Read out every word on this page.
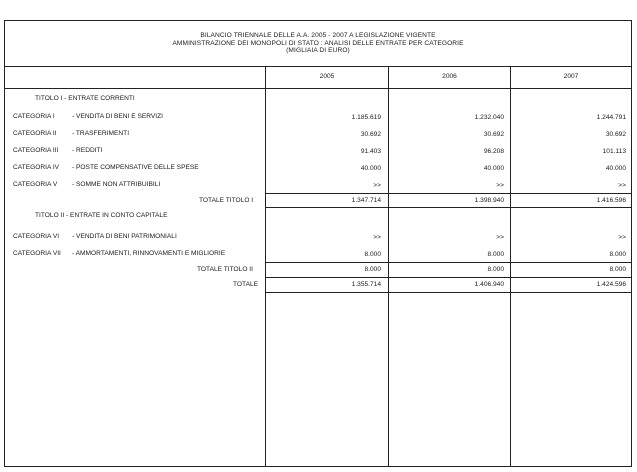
BILANCIO TRIENNALE DELLE A.A. 2005 - 2007 A LEGISLAZIONE VIGENTE
AMMINISTRAZIONE DEI MONOPOLI DI STATO : ANALISI DELLE ENTRATE PER CATEGORIE
(MIGLIAIA DI EURO)
2005	2006	2007
TITOLO I - ENTRATE CORRENTI
CATEGORIA I	- VENDITA DI BENI E SERVIZI	1.185.619	1.232.040	1.244.791
CATEGORIA II - TRASFERIMENTI	30.692	30.692	30.692
CATEGORIA III - REDDITI	91.403	96.208	101.113
CATEGORIA IV - POSTE COMPENSATIVE DELLE SPESE	40.000	40.000	40.000
CATEGORIA V - SOMME NON ATTRIBUIBILI	>>	>>	>>
TOTALE TITOLO I	1.347.714	1.398.940	1.416.596
TITOLO II - ENTRATE IN CONTO CAPITALE
CATEGORIA VI - VENDITA DI BENI PATRIMONIALI	>>	>>	>>
CATEGORIA VII - AMMORTAMENTI, RINNOVAMENTI E MIGLIORIE	8.000	8.000	8.000
TOTALE TITOLO II	8.000	8.000	8.000
TOTALE	1.355.714	1.406.940	1.424.596
